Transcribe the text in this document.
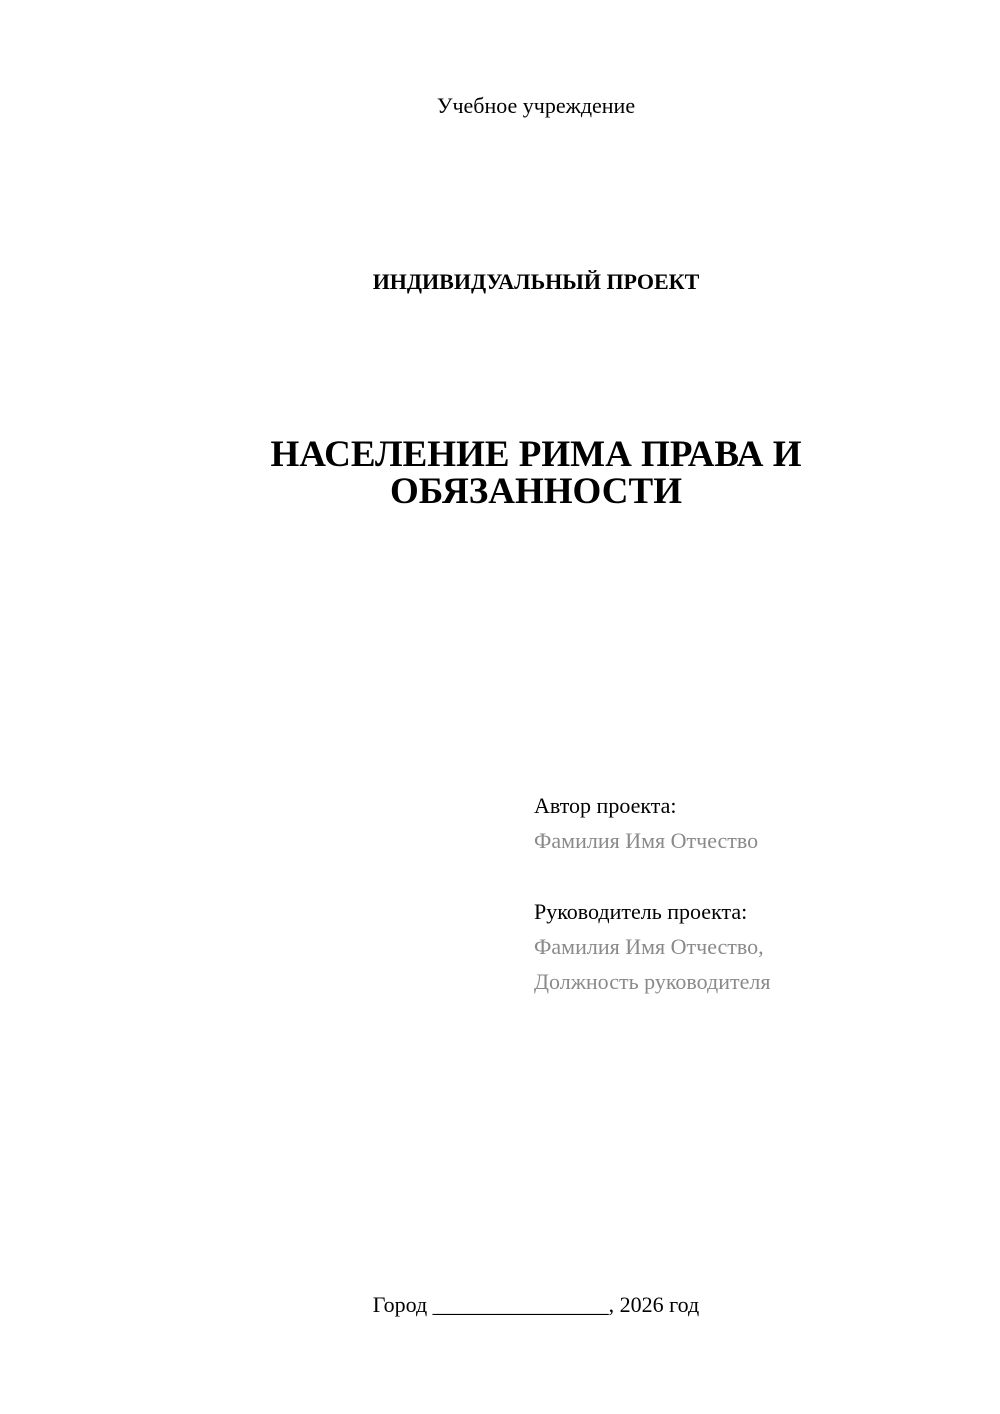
Учебное учреждение
ИНДИВИДУАЛЬНЫЙ ПРОЕКТ
НАСЕЛЕНИЕ РИМА ПРАВА И
ОБЯЗАННОСТИ
Автор проекта:
Фамилия Имя Отчество
Руководитель проекта:
Фамилия Имя Отчество,
Должность руководителя
Город ________________, 2026 год
